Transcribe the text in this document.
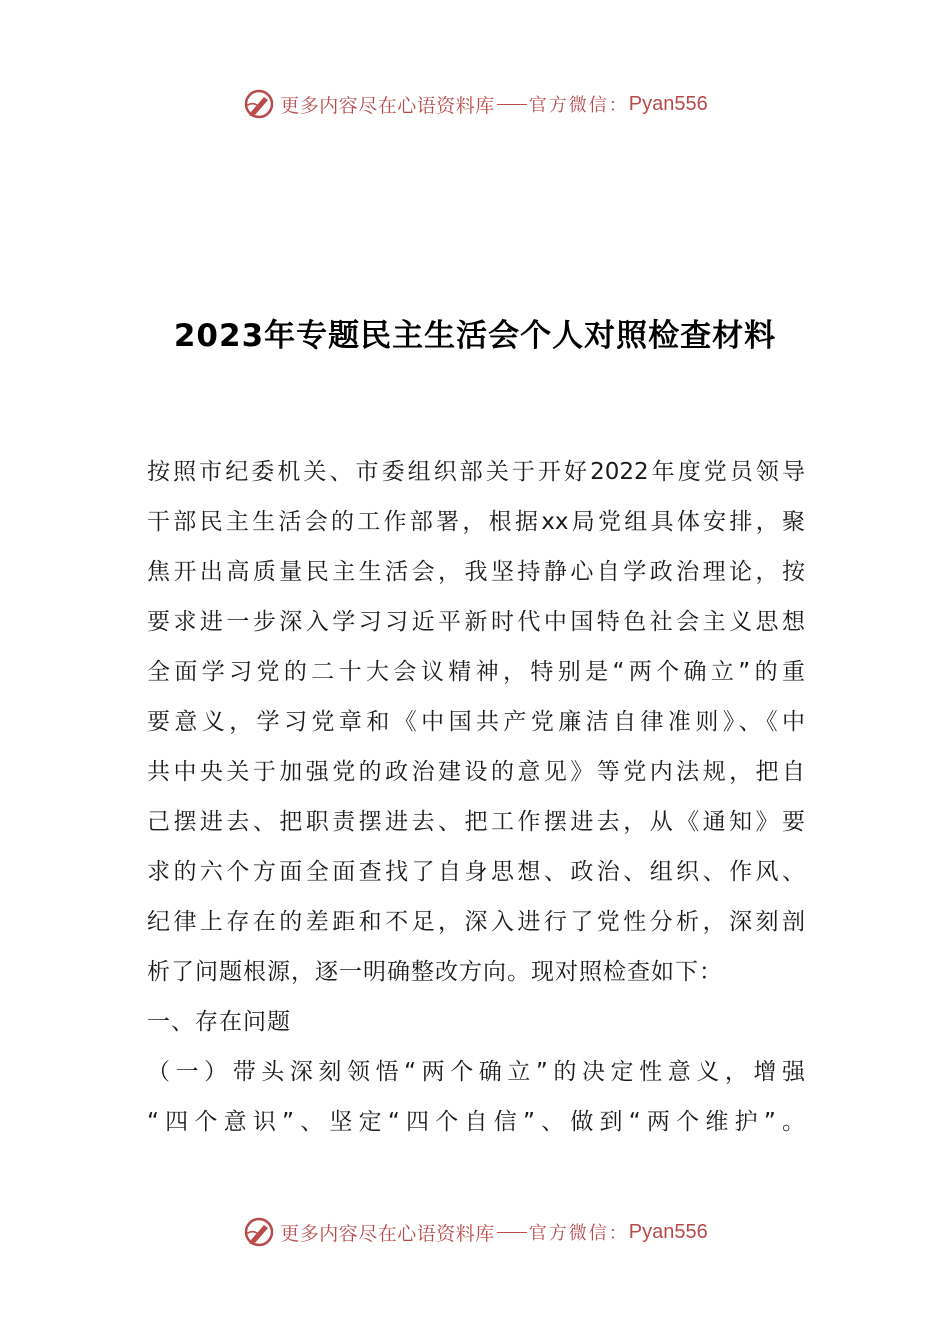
更多内容尽在心语资料库 官方微信： Pyan556
2023年专题民主生活会个人对照检查材料
按照市纪委机关、市委组织部关于开好2022年度党员领导
干部民主生活会的工作部署，根据xx局党组具体安排，聚
焦开出高质量民主生活会，我坚持静心自学政治理论，按
要求进一步深入学习习近平新时代中国特色社会主义思想
全面学习党的二十大会议精神，特别是“两个确立”的重
要意义，学习党章和《中国共产党廉洁自律准则》、《中
共中央关于加强党的政治建设的意见》等党内法规，把自
己摆进去、把职责摆进去、把工作摆进去，从《通知》要
求的六个方面全面查找了自身思想、政治、组织、作风、
纪律上存在的差距和不足，深入进行了党性分析，深刻剖
析了问题根源，逐一明确整改方向。现对照检查如下：
一、存在问题
（一）带头深刻领悟“两个确立”的决定性意义，增强
“四个意识”、坚定“四个自信”、做到“两个维护”。
更多内容尽在心语资料库 官方微信： Pyan556
